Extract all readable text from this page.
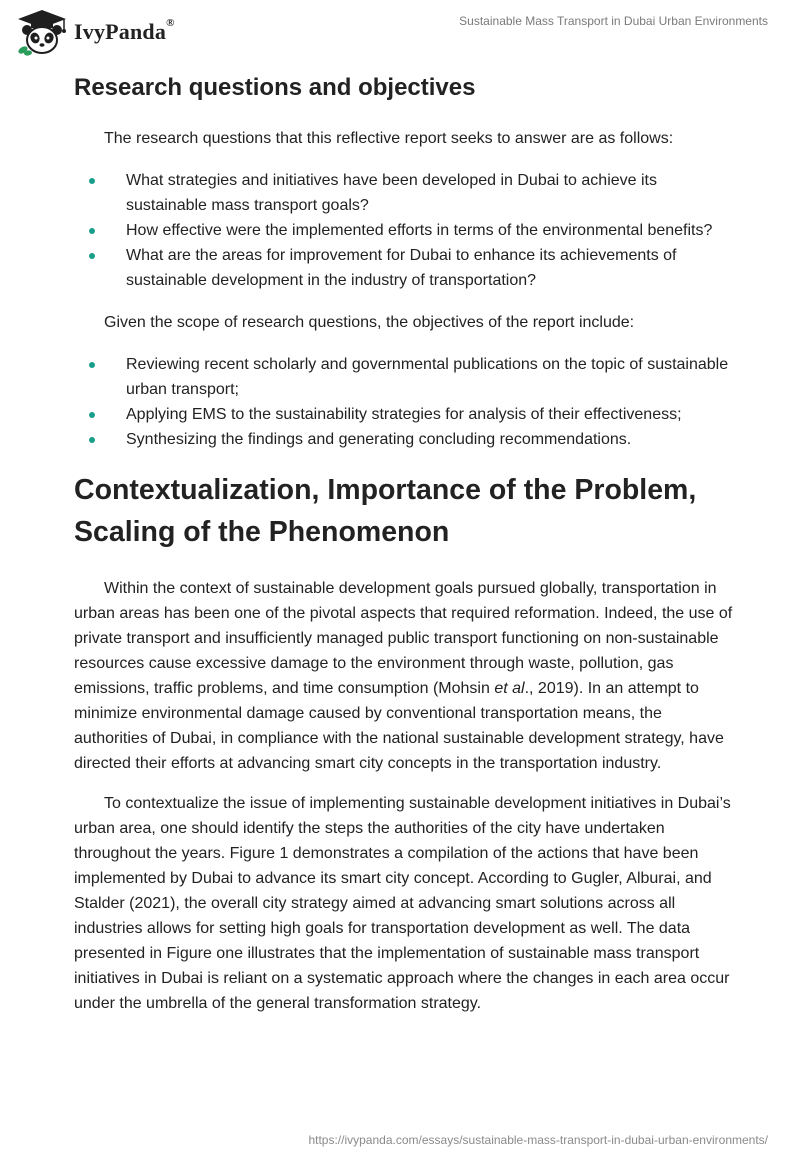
IvyPanda®	Sustainable Mass Transport in Dubai Urban Environments
Research questions and objectives

The research questions that this reflective report seeks to answer are as follows:

What strategies and initiatives have been developed in Dubai to achieve its sustainable mass transport goals?
How effective were the implemented efforts in terms of the environmental benefits?
What are the areas for improvement for Dubai to enhance its achievements of sustainable development in the industry of transportation?

Given the scope of research questions, the objectives of the report include:

Reviewing recent scholarly and governmental publications on the topic of sustainable urban transport;
Applying EMS to the sustainability strategies for analysis of their effectiveness;
Synthesizing the findings and generating concluding recommendations.
Contextualization, Importance of the Problem, Scaling of the Phenomenon

Within the context of sustainable development goals pursued globally, transportation in urban areas has been one of the pivotal aspects that required reformation. Indeed, the use of private transport and insufficiently managed public transport functioning on non-sustainable resources cause excessive damage to the environment through waste, pollution, gas emissions, traffic problems, and time consumption (Mohsin et al., 2019). In an attempt to minimize environmental damage caused by conventional transportation means, the authorities of Dubai, in compliance with the national sustainable development strategy, have directed their efforts at advancing smart city concepts in the transportation industry.

To contextualize the issue of implementing sustainable development initiatives in Dubai’s urban area, one should identify the steps the authorities of the city have undertaken throughout the years. Figure 1 demonstrates a compilation of the actions that have been implemented by Dubai to advance its smart city concept. According to Gugler, Alburai, and Stalder (2021), the overall city strategy aimed at advancing smart solutions across all industries allows for setting high goals for transportation development as well. The data presented in Figure one illustrates that the implementation of sustainable mass transport initiatives in Dubai is reliant on a systematic approach where the changes in each area occur under the umbrella of the general transformation strategy.

https://ivypanda.com/essays/sustainable-mass-transport-in-dubai-urban-environments/
